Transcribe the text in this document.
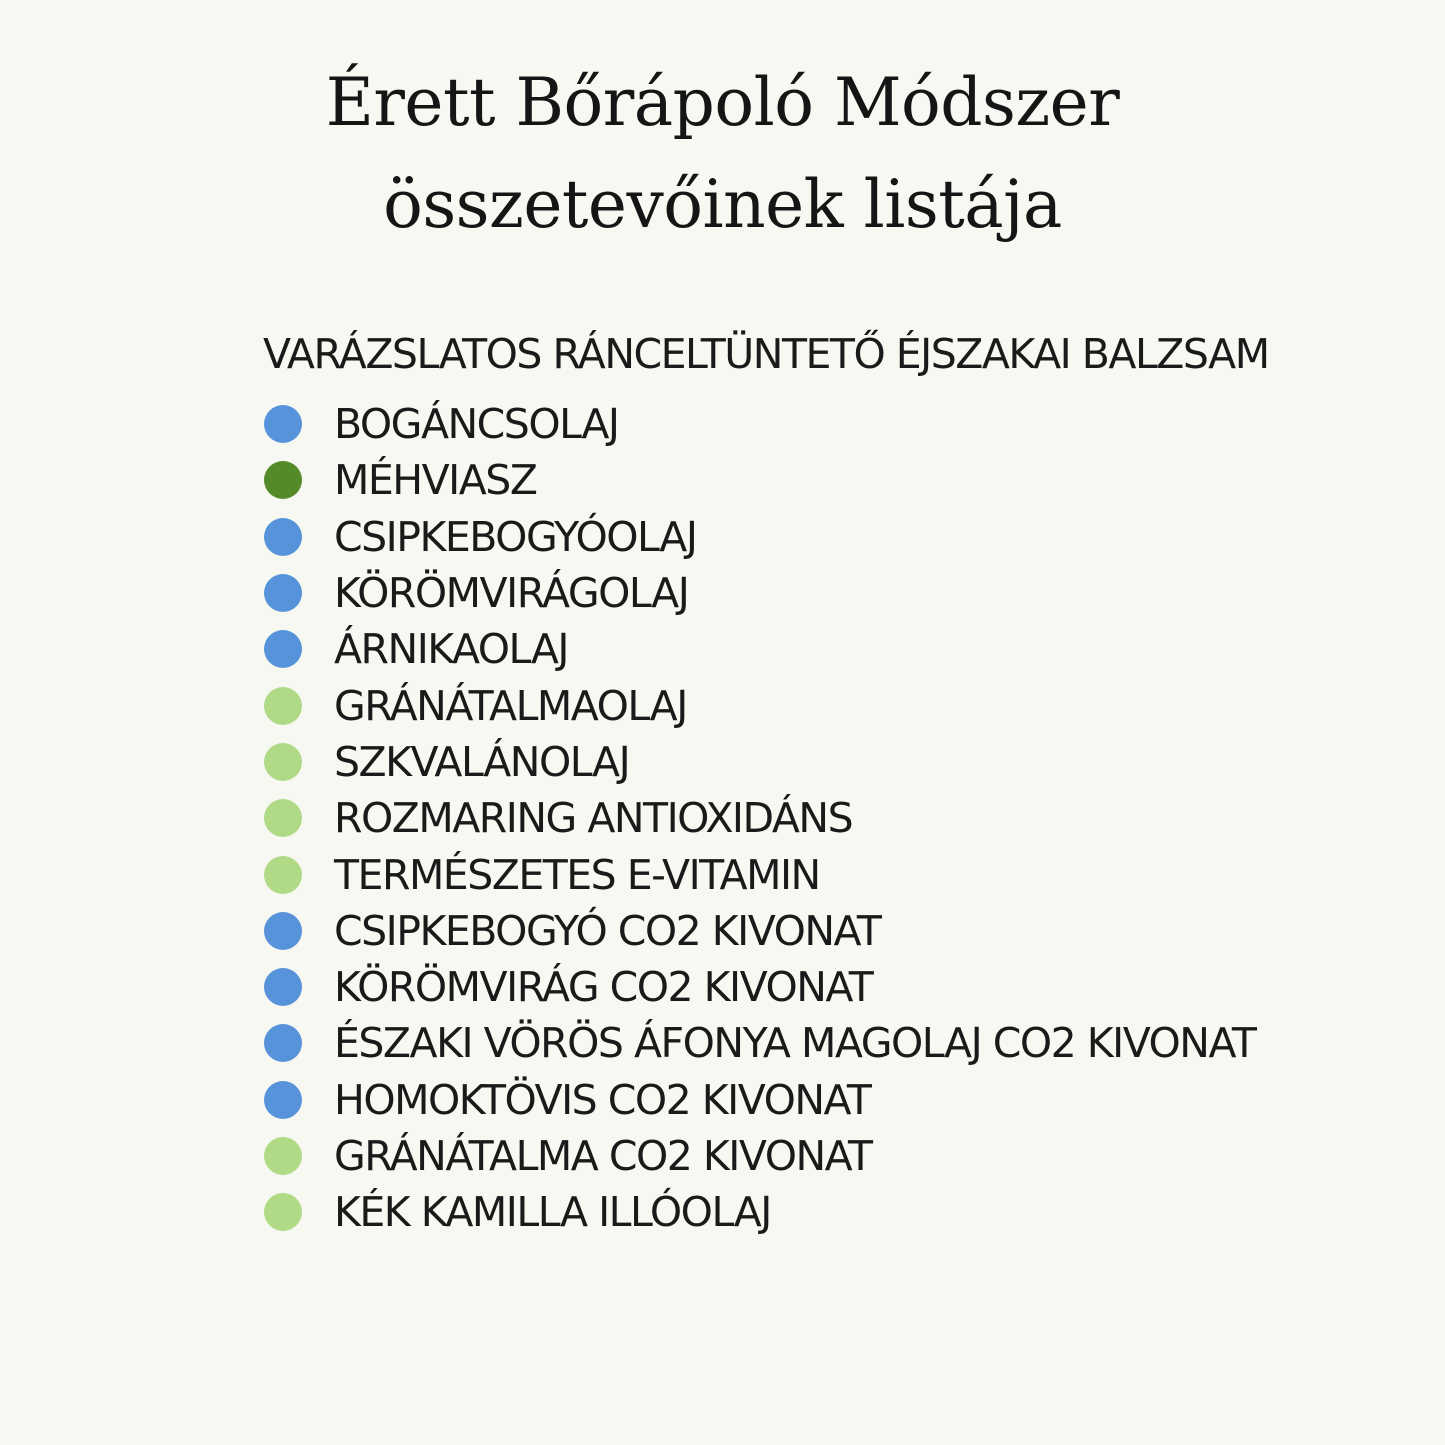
Érett Bőrápoló Módszer
összetevőinek listája
VARÁZSLATOS RÁNCELTÜNTETŐ ÉJSZAKAI BALZSAM
BOGÁNCSOLAJ
MÉHVIASZ
CSIPKEBOGYÓOLAJ
KÖRÖMVIRÁGOLAJ
ÁRNIKAOLAJ
GRÁNÁTALMAOLAJ
SZKVALÁNOLAJ
ROZMARING ANTIOXIDÁNS
TERMÉSZETES E-VITAMIN
CSIPKEBOGYÓ CO2 KIVONAT
KÖRÖMVIRÁG CO2 KIVONAT
ÉSZAKI VÖRÖS ÁFONYA MAGOLAJ CO2 KIVONAT
HOMOKTÖVIS CO2 KIVONAT
GRÁNÁTALMA CO2 KIVONAT
KÉK KAMILLA ILLÓOLAJ
